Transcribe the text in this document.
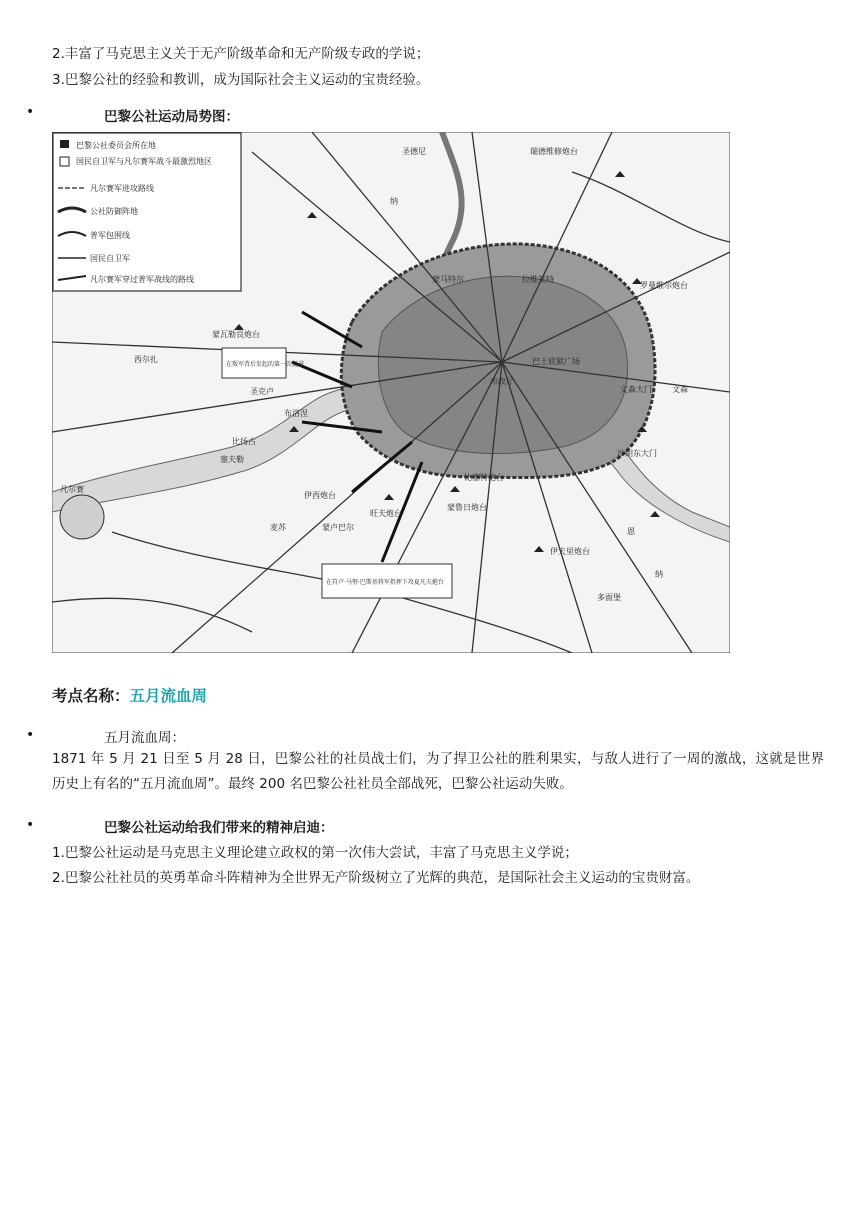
2.丰富了马克思主义关于无产阶级革命和无产阶级专政的学说；
3.巴黎公社的经验和教训，成为国际社会主义运动的宝贵经验。
•	巴黎公社运动局势图：
巴黎公社委员会所在地
国民自卫军与凡尔赛军战斗最激烈地区
凡尔赛军进攻路线
公社防御阵地
普军包围线
国民自卫军
凡尔赛军穿过普军战线的路线
瑞德维修炮台
罗曼维尔炮台
文森大门	文森
沙朗东大门
蒙马特尔
纳
圣德尼
拉维莱特
市政厅
巴士底狱广场
凡尔赛
蒙鲁日炮台
伊西炮台
旺夫炮台
伊夫里炮台
比塞特炮台
多面堡
纳
恩
蒙卢巴尔
圣克卢
塞夫勒
西尔扎
布洛涅
蒙瓦勒良炮台
比扬古
麦苏
在叛军背后发起的第一次挺进
在符卢·马努·巴斯基将军指挥下攻夏凡夫炮台
考点名称：五月流血周
•	五月流血周：
1871 年 5 月 21 日至 5 月 28 日，巴黎公社的社员战士们，为了捍卫公社的胜利果实，与敌人进行了一周的激战，这就是世界历史上有名的“五月流血周”。最终 200 名巴黎公社社员全部战死，巴黎公社运动失败。
•	巴黎公社运动给我们带来的精神启迪：
1.巴黎公社运动是马克思主义理论建立政权的第一次伟大尝试，丰富了马克思主义学说；
2.巴黎公社社员的英勇革命斗阵精神为全世界无产阶级树立了光辉的典范，是国际社会主义运动的宝贵财富。
